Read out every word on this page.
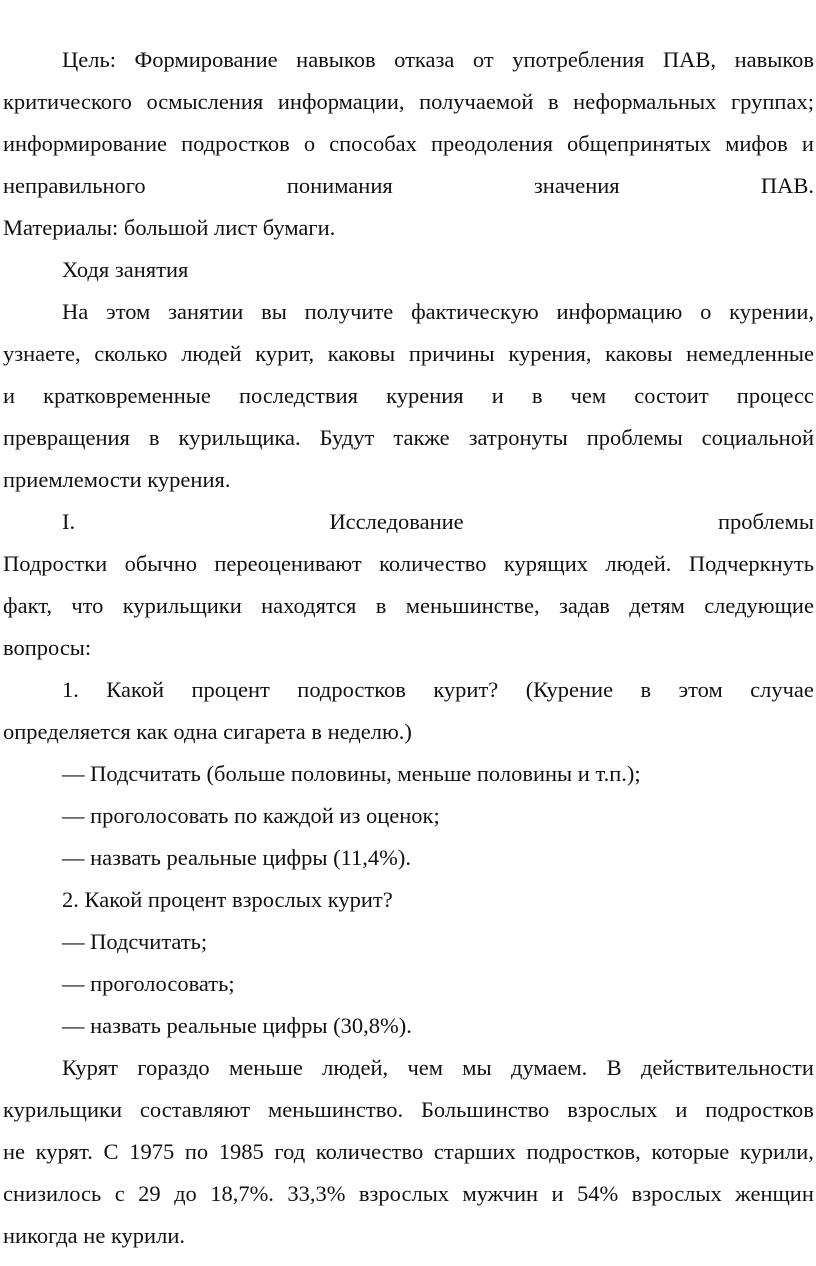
Цель: Формирование навыков отказа от употребления ПАВ, навыков
критического осмысления информации, получаемой в неформальных группах;
информирование подростков о способах преодоления общепринятых мифов и
неправильного	понимания	значения	ПАВ.
Материалы: большой лист бумаги.
Ходя занятия
На этом занятии вы получите фактическую информацию о курении,
узнаете, сколько людей курит, каковы причины курения, каковы немедленные
и кратковременные последствия курения и в чем состоит процесс
превращения в курильщика. Будут также затронуты проблемы социальной
приемлемости курения.
I.	Исследование	проблемы
Подростки обычно переоценивают количество курящих людей. Подчеркнуть
факт, что курильщики находятся в меньшинстве, задав детям следующие
вопросы:
1. Какой процент подростков курит? (Курение в этом случае
определяется как одна сигарета в неделю.)
— Подсчитать (больше половины, меньше половины и т.п.);
— проголосовать по каждой из оценок;
— назвать реальные цифры (11,4%).
2. Какой процент взрослых курит?
— Подсчитать;
— проголосовать;
— назвать реальные цифры (30,8%).
Курят гораздо меньше людей, чем мы думаем. В действительности
курильщики составляют меньшинство. Большинство взрослых и подростков
не курят. С 1975 по 1985 год количество старших подростков, которые курили,
снизилось с 29 до 18,7%. 33,3% взрослых мужчин и 54% взрослых женщин
никогда не курили.
